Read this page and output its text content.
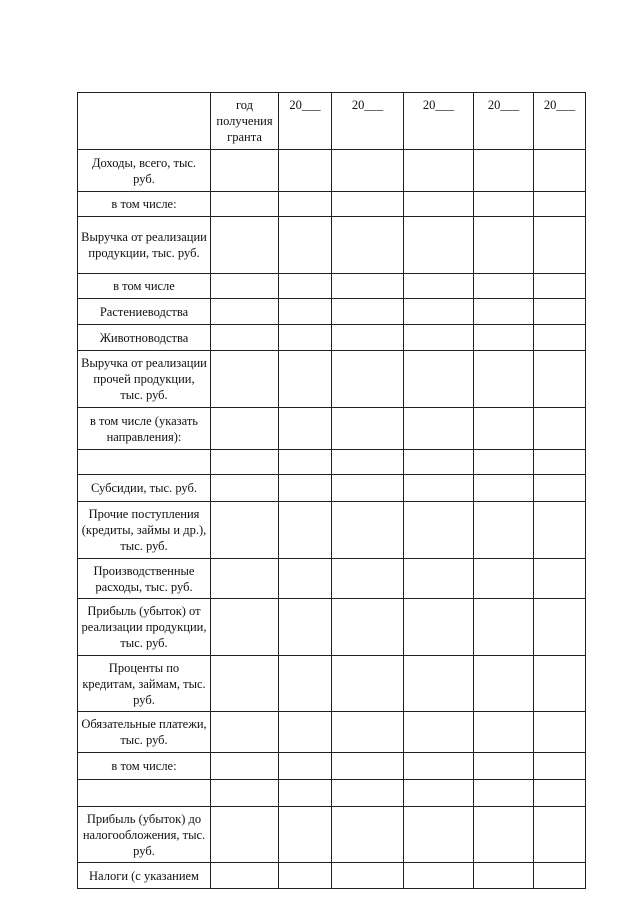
	год получения гранта	20___	20___	20___	20___	20___
Доходы, всего, тыс. руб.						
в том числе:						
Выручка от реализации продукции, тыс. руб.						
в том числе						
Растениеводства						
Животноводства						
Выручка от реализации прочей продукции, тыс. руб.						
в том числе (указать направления):						

Субсидии, тыс. руб.						
Прочие поступления (кредиты, займы и др.), тыс. руб.						
Производственные расходы, тыс. руб.						
Прибыль (убыток) от реализации продукции, тыс. руб.						
Проценты по кредитам, займам, тыс. руб.						
Обязательные платежи, тыс. руб.						
в том числе:						

Прибыль (убыток) до налогообложения, тыс. руб.						
Налоги (с указанием						
